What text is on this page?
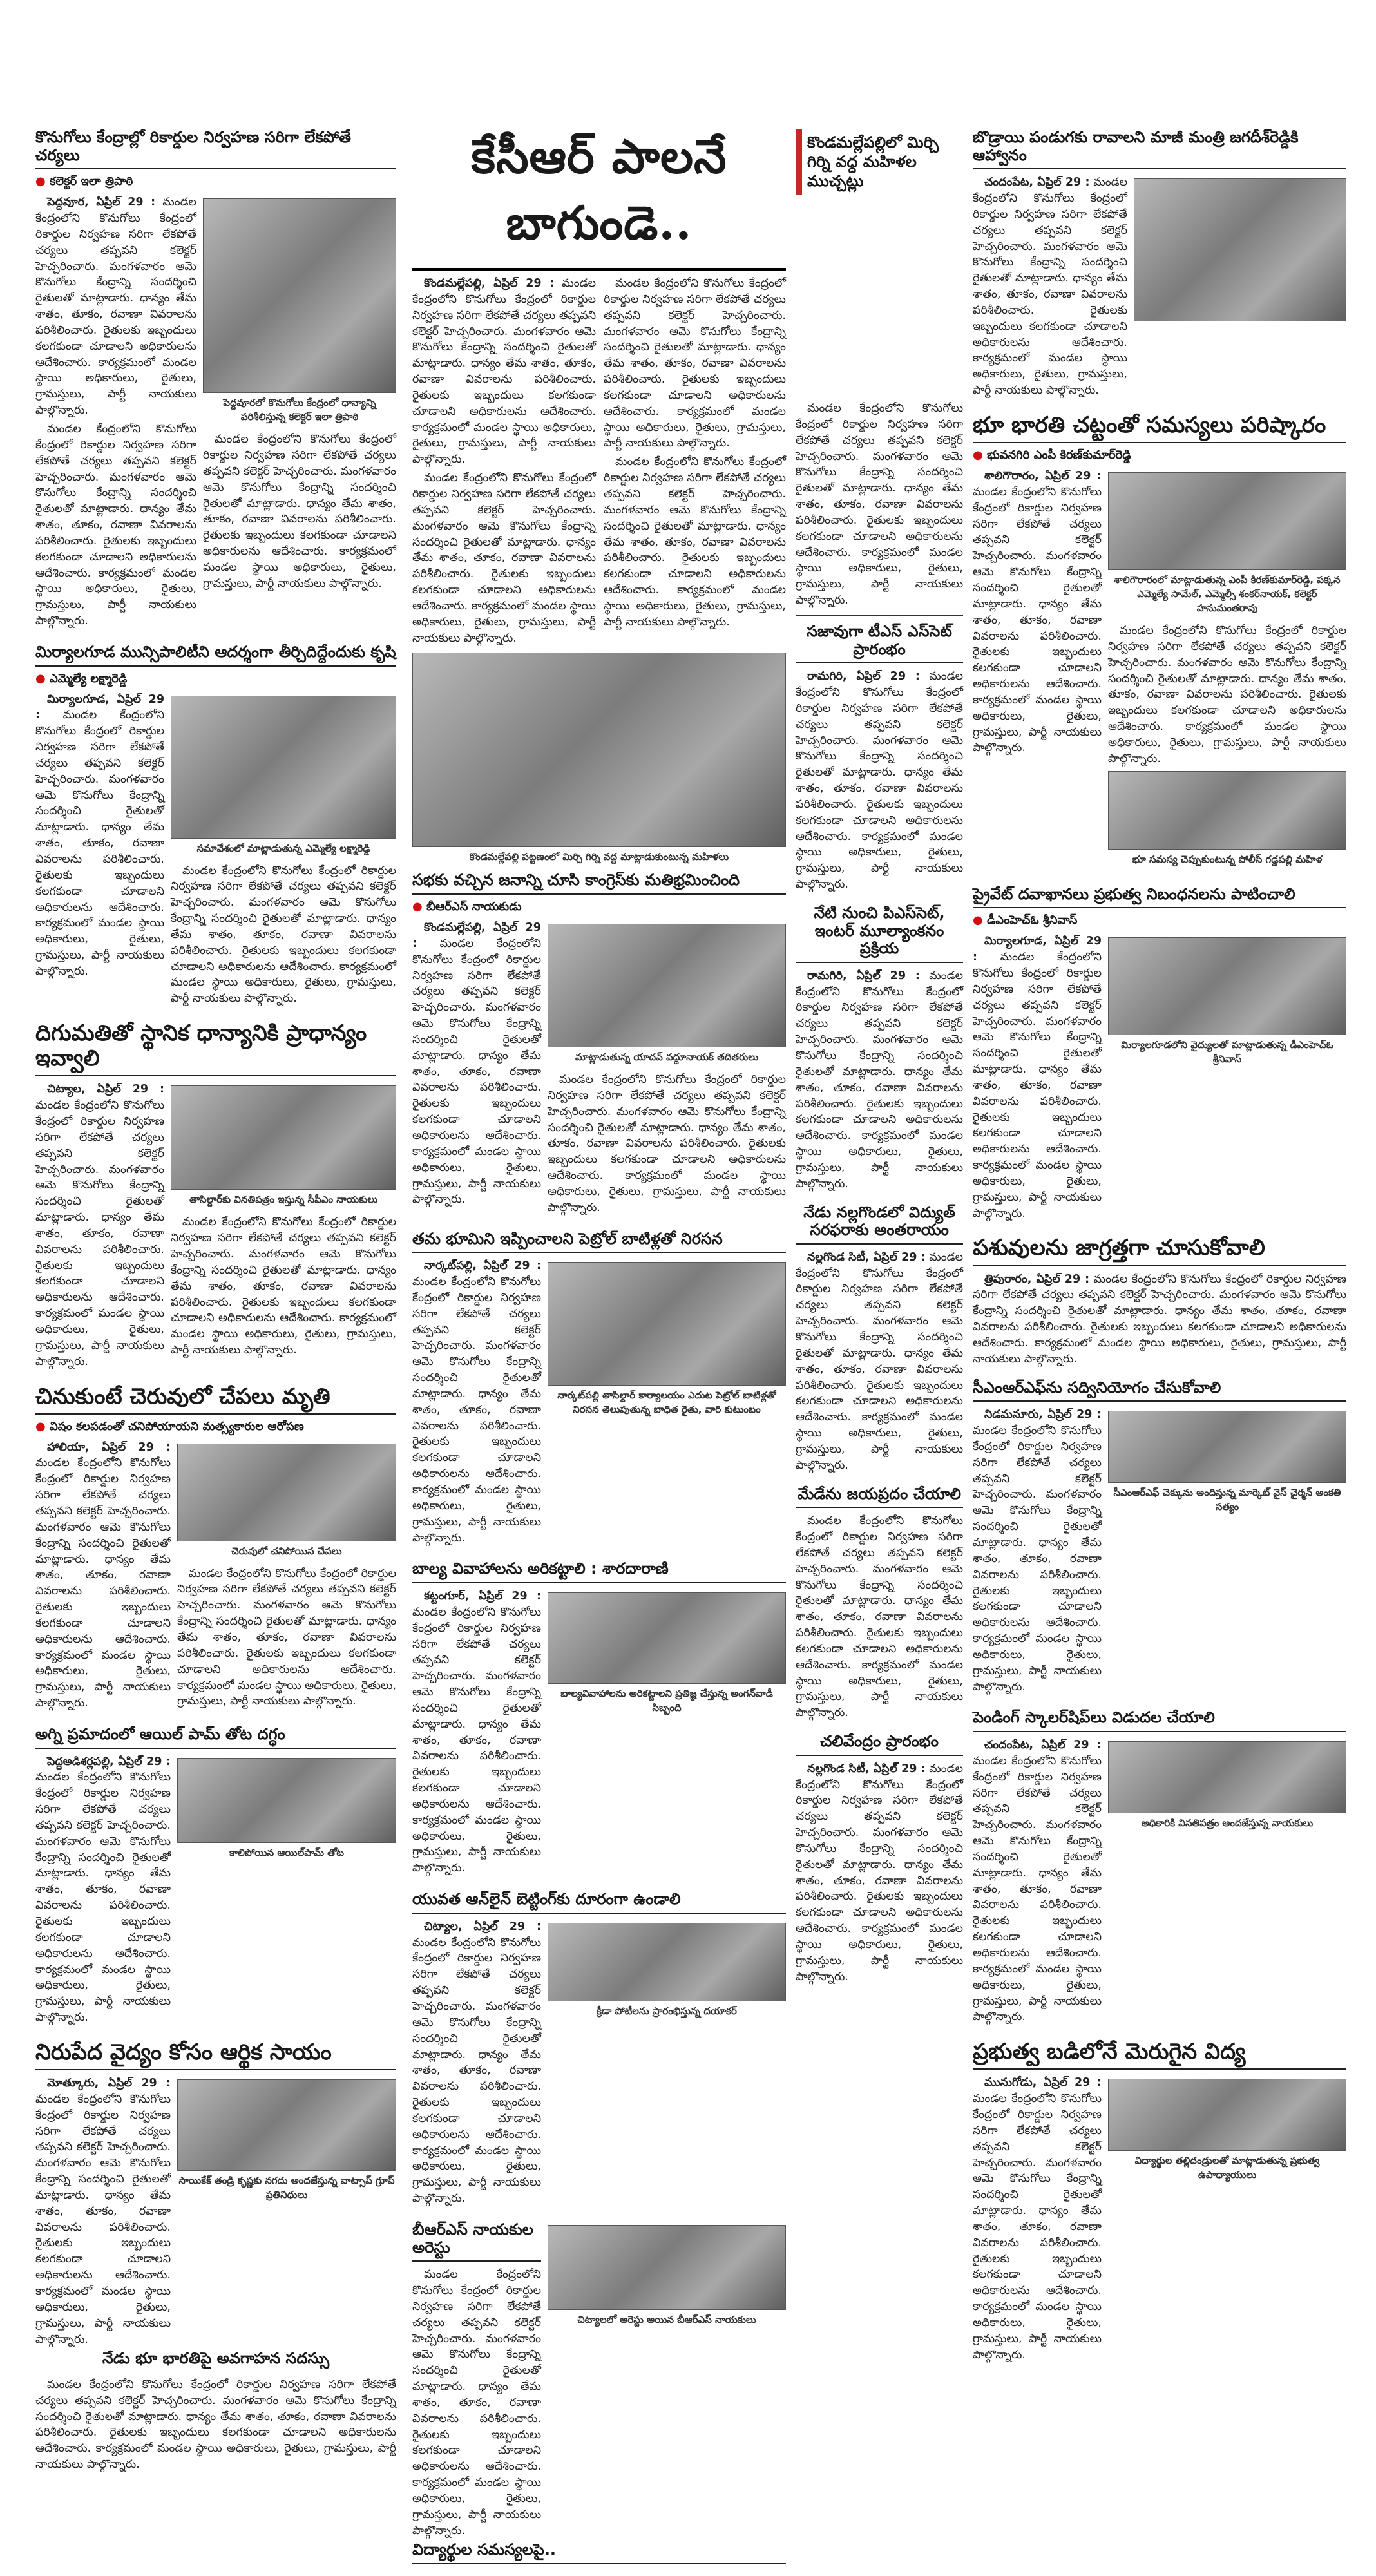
కొనుగోలు కేంద్రాల్లో రికార్డుల నిర్వహణ సరిగా లేకపోతే చర్యలు
● కలెక్టర్ ఇలా త్రిపాఠి

పెద్దవూర, ఏప్రిల్ 29 : మండల కేంద్రంలోని కొనుగోలు కేంద్రంలో రికార్డుల నిర్వహణ సరిగా లేకపోతే చర్యలు తప్పవని కలెక్టర్ హెచ్చరించారు. మంగళవారం ఆమె కొనుగోలు కేంద్రాన్ని సందర్శించి రైతులతో మాట్లాడారు. ధాన్యం తేమ శాతం, తూకం, రవాణా వివరాలను పరిశీలించారు. రైతులకు ఇబ్బందులు కలగకుండా చూడాలని అధికారులను ఆదేశించారు. కార్యక్రమంలో మండల స్థాయి అధికారులు, రైతులు, గ్రామస్తులు, పార్టీ నాయకులు పాల్గొన్నారు.

మండల కేంద్రంలోని కొనుగోలు కేంద్రంలో రికార్డుల నిర్వహణ సరిగా లేకపోతే చర్యలు తప్పవని కలెక్టర్ హెచ్చరించారు. మంగళవారం ఆమె కొనుగోలు కేంద్రాన్ని సందర్శించి రైతులతో మాట్లాడారు. ధాన్యం తేమ శాతం, తూకం, రవాణా వివరాలను పరిశీలించారు. రైతులకు ఇబ్బందులు కలగకుండా చూడాలని అధికారులను ఆదేశించారు. కార్యక్రమంలో మండల స్థాయి అధికారులు, రైతులు, గ్రామస్తులు, పార్టీ నాయకులు పాల్గొన్నారు.

పెద్దవూరలో కొనుగోలు కేంద్రంలో ధాన్యాన్ని పరిశీలిస్తున్న కలెక్టర్ ఇలా త్రిపాఠి

మండల కేంద్రంలోని కొనుగోలు కేంద్రంలో రికార్డుల నిర్వహణ సరిగా లేకపోతే చర్యలు తప్పవని కలెక్టర్ హెచ్చరించారు. మంగళవారం ఆమె కొనుగోలు కేంద్రాన్ని సందర్శించి రైతులతో మాట్లాడారు. ధాన్యం తేమ శాతం, తూకం, రవాణా వివరాలను పరిశీలించారు. రైతులకు ఇబ్బందులు కలగకుండా చూడాలని అధికారులను ఆదేశించారు. కార్యక్రమంలో మండల స్థాయి అధికారులు, రైతులు, గ్రామస్తులు, పార్టీ నాయకులు పాల్గొన్నారు.

మిర్యాలగూడ మున్సిపాలిటీని ఆదర్శంగా తీర్చిదిద్దేందుకు కృషి
● ఎమ్మెల్యే లక్ష్మారెడ్డి

మిర్యాలగూడ, ఏప్రిల్ 29 : మండల కేంద్రంలోని కొనుగోలు కేంద్రంలో రికార్డుల నిర్వహణ సరిగా లేకపోతే చర్యలు తప్పవని కలెక్టర్ హెచ్చరించారు. మంగళవారం ఆమె కొనుగోలు కేంద్రాన్ని సందర్శించి రైతులతో మాట్లాడారు. ధాన్యం తేమ శాతం, తూకం, రవాణా వివరాలను పరిశీలించారు. రైతులకు ఇబ్బందులు కలగకుండా చూడాలని అధికారులను ఆదేశించారు. కార్యక్రమంలో మండల స్థాయి అధికారులు, రైతులు, గ్రామస్తులు, పార్టీ నాయకులు పాల్గొన్నారు.

సమావేశంలో మాట్లాడుతున్న ఎమ్మెల్యే లక్ష్మారెడ్డి

మండల కేంద్రంలోని కొనుగోలు కేంద్రంలో రికార్డుల నిర్వహణ సరిగా లేకపోతే చర్యలు తప్పవని కలెక్టర్ హెచ్చరించారు. మంగళవారం ఆమె కొనుగోలు కేంద్రాన్ని సందర్శించి రైతులతో మాట్లాడారు. ధాన్యం తేమ శాతం, తూకం, రవాణా వివరాలను పరిశీలించారు. రైతులకు ఇబ్బందులు కలగకుండా చూడాలని అధికారులను ఆదేశించారు. కార్యక్రమంలో మండల స్థాయి అధికారులు, రైతులు, గ్రామస్తులు, పార్టీ నాయకులు పాల్గొన్నారు.

దిగుమతితో స్థానిక ధాన్యానికి ప్రాధాన్యం ఇవ్వాలి

చిట్యాల, ఏప్రిల్ 29 : మండల కేంద్రంలోని కొనుగోలు కేంద్రంలో రికార్డుల నిర్వహణ సరిగా లేకపోతే చర్యలు తప్పవని కలెక్టర్ హెచ్చరించారు. మంగళవారం ఆమె కొనుగోలు కేంద్రాన్ని సందర్శించి రైతులతో మాట్లాడారు. ధాన్యం తేమ శాతం, తూకం, రవాణా వివరాలను పరిశీలించారు. రైతులకు ఇబ్బందులు కలగకుండా చూడాలని అధికారులను ఆదేశించారు. కార్యక్రమంలో మండల స్థాయి అధికారులు, రైతులు, గ్రామస్తులు, పార్టీ నాయకులు పాల్గొన్నారు.

తాసిల్దార్‌కు వినతిపత్రం ఇస్తున్న సీపీఎం నాయకులు

మండల కేంద్రంలోని కొనుగోలు కేంద్రంలో రికార్డుల నిర్వహణ సరిగా లేకపోతే చర్యలు తప్పవని కలెక్టర్ హెచ్చరించారు. మంగళవారం ఆమె కొనుగోలు కేంద్రాన్ని సందర్శించి రైతులతో మాట్లాడారు. ధాన్యం తేమ శాతం, తూకం, రవాణా వివరాలను పరిశీలించారు. రైతులకు ఇబ్బందులు కలగకుండా చూడాలని అధికారులను ఆదేశించారు. కార్యక్రమంలో మండల స్థాయి అధికారులు, రైతులు, గ్రామస్తులు, పార్టీ నాయకులు పాల్గొన్నారు.

చినుకుంటే చెరువులో చేపలు మృతి
● విషం కలపడంతో చనిపోయాయని మత్స్యకారుల ఆరోపణ

హాలియా, ఏప్రిల్ 29 : మండల కేంద్రంలోని కొనుగోలు కేంద్రంలో రికార్డుల నిర్వహణ సరిగా లేకపోతే చర్యలు తప్పవని కలెక్టర్ హెచ్చరించారు. మంగళవారం ఆమె కొనుగోలు కేంద్రాన్ని సందర్శించి రైతులతో మాట్లాడారు. ధాన్యం తేమ శాతం, తూకం, రవాణా వివరాలను పరిశీలించారు. రైతులకు ఇబ్బందులు కలగకుండా చూడాలని అధికారులను ఆదేశించారు. కార్యక్రమంలో మండల స్థాయి అధికారులు, రైతులు, గ్రామస్తులు, పార్టీ నాయకులు పాల్గొన్నారు.

చెరువులో చనిపోయిన చేపలు

మండల కేంద్రంలోని కొనుగోలు కేంద్రంలో రికార్డుల నిర్వహణ సరిగా లేకపోతే చర్యలు తప్పవని కలెక్టర్ హెచ్చరించారు. మంగళవారం ఆమె కొనుగోలు కేంద్రాన్ని సందర్శించి రైతులతో మాట్లాడారు. ధాన్యం తేమ శాతం, తూకం, రవాణా వివరాలను పరిశీలించారు. రైతులకు ఇబ్బందులు కలగకుండా చూడాలని అధికారులను ఆదేశించారు. కార్యక్రమంలో మండల స్థాయి అధికారులు, రైతులు, గ్రామస్తులు, పార్టీ నాయకులు పాల్గొన్నారు.

అగ్ని ప్రమాదంలో ఆయిల్ పామ్ తోట దగ్ధం

పెద్దఅడిశర్లపల్లి, ఏప్రిల్ 29 : మండల కేంద్రంలోని కొనుగోలు కేంద్రంలో రికార్డుల నిర్వహణ సరిగా లేకపోతే చర్యలు తప్పవని కలెక్టర్ హెచ్చరించారు. మంగళవారం ఆమె కొనుగోలు కేంద్రాన్ని సందర్శించి రైతులతో మాట్లాడారు. ధాన్యం తేమ శాతం, తూకం, రవాణా వివరాలను పరిశీలించారు. రైతులకు ఇబ్బందులు కలగకుండా చూడాలని అధికారులను ఆదేశించారు. కార్యక్రమంలో మండల స్థాయి అధికారులు, రైతులు, గ్రామస్తులు, పార్టీ నాయకులు పాల్గొన్నారు.

కాలిపోయిన ఆయిల్‌పామ్ తోట
నిరుపేద వైద్యం కోసం ఆర్థిక సాయం

మోత్కూరు, ఏప్రిల్ 29 : మండల కేంద్రంలోని కొనుగోలు కేంద్రంలో రికార్డుల నిర్వహణ సరిగా లేకపోతే చర్యలు తప్పవని కలెక్టర్ హెచ్చరించారు. మంగళవారం ఆమె కొనుగోలు కేంద్రాన్ని సందర్శించి రైతులతో మాట్లాడారు. ధాన్యం తేమ శాతం, తూకం, రవాణా వివరాలను పరిశీలించారు. రైతులకు ఇబ్బందులు కలగకుండా చూడాలని అధికారులను ఆదేశించారు. కార్యక్రమంలో మండల స్థాయి అధికారులు, రైతులు, గ్రామస్తులు, పార్టీ నాయకులు పాల్గొన్నారు.

సాయికేక్ తండ్రి కృష్ణకు నగదు అందజేస్తున్న వాట్సాప్ గ్రూప్ ప్రతినిధులు
నేడు భూ భారతిపై అవగాహన సదస్సు

మండల కేంద్రంలోని కొనుగోలు కేంద్రంలో రికార్డుల నిర్వహణ సరిగా లేకపోతే చర్యలు తప్పవని కలెక్టర్ హెచ్చరించారు. మంగళవారం ఆమె కొనుగోలు కేంద్రాన్ని సందర్శించి రైతులతో మాట్లాడారు. ధాన్యం తేమ శాతం, తూకం, రవాణా వివరాలను పరిశీలించారు. రైతులకు ఇబ్బందులు కలగకుండా చూడాలని అధికారులను ఆదేశించారు. కార్యక్రమంలో మండల స్థాయి అధికారులు, రైతులు, గ్రామస్తులు, పార్టీ నాయకులు పాల్గొన్నారు.

కేసీఆర్ పాలనే బాగుండె..

కొండమల్లేపల్లి, ఏప్రిల్ 29 : మండల కేంద్రంలోని కొనుగోలు కేంద్రంలో రికార్డుల నిర్వహణ సరిగా లేకపోతే చర్యలు తప్పవని కలెక్టర్ హెచ్చరించారు. మంగళవారం ఆమె కొనుగోలు కేంద్రాన్ని సందర్శించి రైతులతో మాట్లాడారు. ధాన్యం తేమ శాతం, తూకం, రవాణా వివరాలను పరిశీలించారు. రైతులకు ఇబ్బందులు కలగకుండా చూడాలని అధికారులను ఆదేశించారు. కార్యక్రమంలో మండల స్థాయి అధికారులు, రైతులు, గ్రామస్తులు, పార్టీ నాయకులు పాల్గొన్నారు.

మండల కేంద్రంలోని కొనుగోలు కేంద్రంలో రికార్డుల నిర్వహణ సరిగా లేకపోతే చర్యలు తప్పవని కలెక్టర్ హెచ్చరించారు. మంగళవారం ఆమె కొనుగోలు కేంద్రాన్ని సందర్శించి రైతులతో మాట్లాడారు. ధాన్యం తేమ శాతం, తూకం, రవాణా వివరాలను పరిశీలించారు. రైతులకు ఇబ్బందులు కలగకుండా చూడాలని అధికారులను ఆదేశించారు. కార్యక్రమంలో మండల స్థాయి అధికారులు, రైతులు, గ్రామస్తులు, పార్టీ నాయకులు పాల్గొన్నారు.

మండల కేంద్రంలోని కొనుగోలు కేంద్రంలో రికార్డుల నిర్వహణ సరిగా లేకపోతే చర్యలు తప్పవని కలెక్టర్ హెచ్చరించారు. మంగళవారం ఆమె కొనుగోలు కేంద్రాన్ని సందర్శించి రైతులతో మాట్లాడారు. ధాన్యం తేమ శాతం, తూకం, రవాణా వివరాలను పరిశీలించారు. రైతులకు ఇబ్బందులు కలగకుండా చూడాలని అధికారులను ఆదేశించారు. కార్యక్రమంలో మండల స్థాయి అధికారులు, రైతులు, గ్రామస్తులు, పార్టీ నాయకులు పాల్గొన్నారు.

మండల కేంద్రంలోని కొనుగోలు కేంద్రంలో రికార్డుల నిర్వహణ సరిగా లేకపోతే చర్యలు తప్పవని కలెక్టర్ హెచ్చరించారు. మంగళవారం ఆమె కొనుగోలు కేంద్రాన్ని సందర్శించి రైతులతో మాట్లాడారు. ధాన్యం తేమ శాతం, తూకం, రవాణా వివరాలను పరిశీలించారు. రైతులకు ఇబ్బందులు కలగకుండా చూడాలని అధికారులను ఆదేశించారు. కార్యక్రమంలో మండల స్థాయి అధికారులు, రైతులు, గ్రామస్తులు, పార్టీ నాయకులు పాల్గొన్నారు.

కొండమల్లేపల్లి పట్టణంలో మిర్చి గిర్ని వద్ద మాట్లాడుకుంటున్న మహిళలు
సభకు వచ్చిన జనాన్ని చూసి కాంగ్రెస్‌కు మతిభ్రమించింది
● బీఆర్ఎస్ నాయకుడు

కొండమల్లేపల్లి, ఏప్రిల్ 29 : మండల కేంద్రంలోని కొనుగోలు కేంద్రంలో రికార్డుల నిర్వహణ సరిగా లేకపోతే చర్యలు తప్పవని కలెక్టర్ హెచ్చరించారు. మంగళవారం ఆమె కొనుగోలు కేంద్రాన్ని సందర్శించి రైతులతో మాట్లాడారు. ధాన్యం తేమ శాతం, తూకం, రవాణా వివరాలను పరిశీలించారు. రైతులకు ఇబ్బందులు కలగకుండా చూడాలని అధికారులను ఆదేశించారు. కార్యక్రమంలో మండల స్థాయి అధికారులు, రైతులు, గ్రామస్తులు, పార్టీ నాయకులు పాల్గొన్నారు.

మాట్లాడుతున్న యాదవ్ వద్దూనాయక్ తదితరులు

మండల కేంద్రంలోని కొనుగోలు కేంద్రంలో రికార్డుల నిర్వహణ సరిగా లేకపోతే చర్యలు తప్పవని కలెక్టర్ హెచ్చరించారు. మంగళవారం ఆమె కొనుగోలు కేంద్రాన్ని సందర్శించి రైతులతో మాట్లాడారు. ధాన్యం తేమ శాతం, తూకం, రవాణా వివరాలను పరిశీలించారు. రైతులకు ఇబ్బందులు కలగకుండా చూడాలని అధికారులను ఆదేశించారు. కార్యక్రమంలో మండల స్థాయి అధికారులు, రైతులు, గ్రామస్తులు, పార్టీ నాయకులు పాల్గొన్నారు.

తమ భూమిని ఇప్పించాలని పెట్రోల్ బాటిళ్లతో నిరసన

నార్కట్‌పల్లి, ఏప్రిల్ 29 : మండల కేంద్రంలోని కొనుగోలు కేంద్రంలో రికార్డుల నిర్వహణ సరిగా లేకపోతే చర్యలు తప్పవని కలెక్టర్ హెచ్చరించారు. మంగళవారం ఆమె కొనుగోలు కేంద్రాన్ని సందర్శించి రైతులతో మాట్లాడారు. ధాన్యం తేమ శాతం, తూకం, రవాణా వివరాలను పరిశీలించారు. రైతులకు ఇబ్బందులు కలగకుండా చూడాలని అధికారులను ఆదేశించారు. కార్యక్రమంలో మండల స్థాయి అధికారులు, రైతులు, గ్రామస్తులు, పార్టీ నాయకులు పాల్గొన్నారు.

నార్కట్‌పల్లి తాసిల్దార్ కార్యాలయం ఎదుట పెట్రోల్ బాటిళ్లతో నిరసన తెలుపుతున్న బాధిత రైతు, వారి కుటుంబం
బాల్య వివాహాలను అరికట్టాలి : శారదారాణి

కట్టంగూర్, ఏప్రిల్ 29 : మండల కేంద్రంలోని కొనుగోలు కేంద్రంలో రికార్డుల నిర్వహణ సరిగా లేకపోతే చర్యలు తప్పవని కలెక్టర్ హెచ్చరించారు. మంగళవారం ఆమె కొనుగోలు కేంద్రాన్ని సందర్శించి రైతులతో మాట్లాడారు. ధాన్యం తేమ శాతం, తూకం, రవాణా వివరాలను పరిశీలించారు. రైతులకు ఇబ్బందులు కలగకుండా చూడాలని అధికారులను ఆదేశించారు. కార్యక్రమంలో మండల స్థాయి అధికారులు, రైతులు, గ్రామస్తులు, పార్టీ నాయకులు పాల్గొన్నారు.

బాల్యవివాహాలను అరికట్టాలని ప్రతిజ్ఞ చేస్తున్న అంగన్‌వాడీ సిబ్బంది
యువత ఆన్‌లైన్ బెట్టింగ్‌కు దూరంగా ఉండాలి

చిట్యాల, ఏప్రిల్ 29 : మండల కేంద్రంలోని కొనుగోలు కేంద్రంలో రికార్డుల నిర్వహణ సరిగా లేకపోతే చర్యలు తప్పవని కలెక్టర్ హెచ్చరించారు. మంగళవారం ఆమె కొనుగోలు కేంద్రాన్ని సందర్శించి రైతులతో మాట్లాడారు. ధాన్యం తేమ శాతం, తూకం, రవాణా వివరాలను పరిశీలించారు. రైతులకు ఇబ్బందులు కలగకుండా చూడాలని అధికారులను ఆదేశించారు. కార్యక్రమంలో మండల స్థాయి అధికారులు, రైతులు, గ్రామస్తులు, పార్టీ నాయకులు పాల్గొన్నారు.

క్రీడా పోటీలను ప్రారంభిస్తున్న దయాకర్
బీఆర్ఎస్ నాయకుల అరెస్టు

మండల కేంద్రంలోని కొనుగోలు కేంద్రంలో రికార్డుల నిర్వహణ సరిగా లేకపోతే చర్యలు తప్పవని కలెక్టర్ హెచ్చరించారు. మంగళవారం ఆమె కొనుగోలు కేంద్రాన్ని సందర్శించి రైతులతో మాట్లాడారు. ధాన్యం తేమ శాతం, తూకం, రవాణా వివరాలను పరిశీలించారు. రైతులకు ఇబ్బందులు కలగకుండా చూడాలని అధికారులను ఆదేశించారు. కార్యక్రమంలో మండల స్థాయి అధికారులు, రైతులు, గ్రామస్తులు, పార్టీ నాయకులు పాల్గొన్నారు.

చిట్యాలలో అరెస్టు అయిన బీఆర్ఎస్ నాయకులు
విద్యార్థుల సమస్యలపై..
కొండమల్లేపల్లిలో మిర్చి గిర్ని వద్ద మహిళల ముచ్చట్లు

మండల కేంద్రంలోని కొనుగోలు కేంద్రంలో రికార్డుల నిర్వహణ సరిగా లేకపోతే చర్యలు తప్పవని కలెక్టర్ హెచ్చరించారు. మంగళవారం ఆమె కొనుగోలు కేంద్రాన్ని సందర్శించి రైతులతో మాట్లాడారు. ధాన్యం తేమ శాతం, తూకం, రవాణా వివరాలను పరిశీలించారు. రైతులకు ఇబ్బందులు కలగకుండా చూడాలని అధికారులను ఆదేశించారు. కార్యక్రమంలో మండల స్థాయి అధికారులు, రైతులు, గ్రామస్తులు, పార్టీ నాయకులు పాల్గొన్నారు.

సజావుగా టీఎస్ ఎస్‌సెట్ ప్రారంభం

రామగిరి, ఏప్రిల్ 29 : మండల కేంద్రంలోని కొనుగోలు కేంద్రంలో రికార్డుల నిర్వహణ సరిగా లేకపోతే చర్యలు తప్పవని కలెక్టర్ హెచ్చరించారు. మంగళవారం ఆమె కొనుగోలు కేంద్రాన్ని సందర్శించి రైతులతో మాట్లాడారు. ధాన్యం తేమ శాతం, తూకం, రవాణా వివరాలను పరిశీలించారు. రైతులకు ఇబ్బందులు కలగకుండా చూడాలని అధికారులను ఆదేశించారు. కార్యక్రమంలో మండల స్థాయి అధికారులు, రైతులు, గ్రామస్తులు, పార్టీ నాయకులు పాల్గొన్నారు.

నేటి నుంచి పిఎస్‌సెట్, ఇంటర్ మూల్యాంకనం ప్రక్రియ

రామగిరి, ఏప్రిల్ 29 : మండల కేంద్రంలోని కొనుగోలు కేంద్రంలో రికార్డుల నిర్వహణ సరిగా లేకపోతే చర్యలు తప్పవని కలెక్టర్ హెచ్చరించారు. మంగళవారం ఆమె కొనుగోలు కేంద్రాన్ని సందర్శించి రైతులతో మాట్లాడారు. ధాన్యం తేమ శాతం, తూకం, రవాణా వివరాలను పరిశీలించారు. రైతులకు ఇబ్బందులు కలగకుండా చూడాలని అధికారులను ఆదేశించారు. కార్యక్రమంలో మండల స్థాయి అధికారులు, రైతులు, గ్రామస్తులు, పార్టీ నాయకులు పాల్గొన్నారు.

నేడు నల్లగొండలో విద్యుత్ సరఫరాకు అంతరాయం

నల్లగొండ సిటీ, ఏప్రిల్ 29 : మండల కేంద్రంలోని కొనుగోలు కేంద్రంలో రికార్డుల నిర్వహణ సరిగా లేకపోతే చర్యలు తప్పవని కలెక్టర్ హెచ్చరించారు. మంగళవారం ఆమె కొనుగోలు కేంద్రాన్ని సందర్శించి రైతులతో మాట్లాడారు. ధాన్యం తేమ శాతం, తూకం, రవాణా వివరాలను పరిశీలించారు. రైతులకు ఇబ్బందులు కలగకుండా చూడాలని అధికారులను ఆదేశించారు. కార్యక్రమంలో మండల స్థాయి అధికారులు, రైతులు, గ్రామస్తులు, పార్టీ నాయకులు పాల్గొన్నారు.

మేడేను జయప్రదం చేయాలి

మండల కేంద్రంలోని కొనుగోలు కేంద్రంలో రికార్డుల నిర్వహణ సరిగా లేకపోతే చర్యలు తప్పవని కలెక్టర్ హెచ్చరించారు. మంగళవారం ఆమె కొనుగోలు కేంద్రాన్ని సందర్శించి రైతులతో మాట్లాడారు. ధాన్యం తేమ శాతం, తూకం, రవాణా వివరాలను పరిశీలించారు. రైతులకు ఇబ్బందులు కలగకుండా చూడాలని అధికారులను ఆదేశించారు. కార్యక్రమంలో మండల స్థాయి అధికారులు, రైతులు, గ్రామస్తులు, పార్టీ నాయకులు పాల్గొన్నారు.

చలివేంద్రం ప్రారంభం

నల్లగొండ సిటీ, ఏప్రిల్ 29 : మండల కేంద్రంలోని కొనుగోలు కేంద్రంలో రికార్డుల నిర్వహణ సరిగా లేకపోతే చర్యలు తప్పవని కలెక్టర్ హెచ్చరించారు. మంగళవారం ఆమె కొనుగోలు కేంద్రాన్ని సందర్శించి రైతులతో మాట్లాడారు. ధాన్యం తేమ శాతం, తూకం, రవాణా వివరాలను పరిశీలించారు. రైతులకు ఇబ్బందులు కలగకుండా చూడాలని అధికారులను ఆదేశించారు. కార్యక్రమంలో మండల స్థాయి అధికారులు, రైతులు, గ్రామస్తులు, పార్టీ నాయకులు పాల్గొన్నారు.

బొడ్రాయి పండుగకు రావాలని మాజీ మంత్రి జగదీశ్‌రెడ్డికి ఆహ్వానం

చందంపేట, ఏప్రిల్ 29 : మండల కేంద్రంలోని కొనుగోలు కేంద్రంలో రికార్డుల నిర్వహణ సరిగా లేకపోతే చర్యలు తప్పవని కలెక్టర్ హెచ్చరించారు. మంగళవారం ఆమె కొనుగోలు కేంద్రాన్ని సందర్శించి రైతులతో మాట్లాడారు. ధాన్యం తేమ శాతం, తూకం, రవాణా వివరాలను పరిశీలించారు. రైతులకు ఇబ్బందులు కలగకుండా చూడాలని అధికారులను ఆదేశించారు. కార్యక్రమంలో మండల స్థాయి అధికారులు, రైతులు, గ్రామస్తులు, పార్టీ నాయకులు పాల్గొన్నారు.

భూ భారతి చట్టంతో సమస్యలు పరిష్కారం
● భువనగిరి ఎంపీ కిరణ్‌కుమార్‌రెడ్డి

శాలిగౌరారం, ఏప్రిల్ 29 : మండల కేంద్రంలోని కొనుగోలు కేంద్రంలో రికార్డుల నిర్వహణ సరిగా లేకపోతే చర్యలు తప్పవని కలెక్టర్ హెచ్చరించారు. మంగళవారం ఆమె కొనుగోలు కేంద్రాన్ని సందర్శించి రైతులతో మాట్లాడారు. ధాన్యం తేమ శాతం, తూకం, రవాణా వివరాలను పరిశీలించారు. రైతులకు ఇబ్బందులు కలగకుండా చూడాలని అధికారులను ఆదేశించారు. కార్యక్రమంలో మండల స్థాయి అధికారులు, రైతులు, గ్రామస్తులు, పార్టీ నాయకులు పాల్గొన్నారు.

శాలిగౌరారంలో మాట్లాడుతున్న ఎంపీ కిరణ్‌కుమార్‌రెడ్డి, పక్కన ఎమ్మెల్యే సామేల్, ఎమ్మెల్సీ శంకర్‌నాయక్, కలెక్టర్ హనుమంతరావు

మండల కేంద్రంలోని కొనుగోలు కేంద్రంలో రికార్డుల నిర్వహణ సరిగా లేకపోతే చర్యలు తప్పవని కలెక్టర్ హెచ్చరించారు. మంగళవారం ఆమె కొనుగోలు కేంద్రాన్ని సందర్శించి రైతులతో మాట్లాడారు. ధాన్యం తేమ శాతం, తూకం, రవాణా వివరాలను పరిశీలించారు. రైతులకు ఇబ్బందులు కలగకుండా చూడాలని అధికారులను ఆదేశించారు. కార్యక్రమంలో మండల స్థాయి అధికారులు, రైతులు, గ్రామస్తులు, పార్టీ నాయకులు పాల్గొన్నారు.

భూ సమస్య చెప్పుకుంటున్న పోలీస్ గడ్డపల్లి మహిళ
ప్రైవేట్ దవాఖానలు ప్రభుత్వ నిబంధనలను పాటించాలి
● డీఎంహెచ్‌ఓ శ్రీనివాస్

మిర్యాలగూడ, ఏప్రిల్ 29 : మండల కేంద్రంలోని కొనుగోలు కేంద్రంలో రికార్డుల నిర్వహణ సరిగా లేకపోతే చర్యలు తప్పవని కలెక్టర్ హెచ్చరించారు. మంగళవారం ఆమె కొనుగోలు కేంద్రాన్ని సందర్శించి రైతులతో మాట్లాడారు. ధాన్యం తేమ శాతం, తూకం, రవాణా వివరాలను పరిశీలించారు. రైతులకు ఇబ్బందులు కలగకుండా చూడాలని అధికారులను ఆదేశించారు. కార్యక్రమంలో మండల స్థాయి అధికారులు, రైతులు, గ్రామస్తులు, పార్టీ నాయకులు పాల్గొన్నారు.

మిర్యాలగూడలోని వైద్యులతో మాట్లాడుతున్న డీఎంహెచ్‌ఓ శ్రీనివాస్
పశువులను జాగ్రత్తగా చూసుకోవాలి

త్రిపురారం, ఏప్రిల్ 29 : మండల కేంద్రంలోని కొనుగోలు కేంద్రంలో రికార్డుల నిర్వహణ సరిగా లేకపోతే చర్యలు తప్పవని కలెక్టర్ హెచ్చరించారు. మంగళవారం ఆమె కొనుగోలు కేంద్రాన్ని సందర్శించి రైతులతో మాట్లాడారు. ధాన్యం తేమ శాతం, తూకం, రవాణా వివరాలను పరిశీలించారు. రైతులకు ఇబ్బందులు కలగకుండా చూడాలని అధికారులను ఆదేశించారు. కార్యక్రమంలో మండల స్థాయి అధికారులు, రైతులు, గ్రామస్తులు, పార్టీ నాయకులు పాల్గొన్నారు.

సీఎంఆర్‌ఎఫ్‌ను సద్వినియోగం చేసుకోవాలి

నిడమనూరు, ఏప్రిల్ 29 : మండల కేంద్రంలోని కొనుగోలు కేంద్రంలో రికార్డుల నిర్వహణ సరిగా లేకపోతే చర్యలు తప్పవని కలెక్టర్ హెచ్చరించారు. మంగళవారం ఆమె కొనుగోలు కేంద్రాన్ని సందర్శించి రైతులతో మాట్లాడారు. ధాన్యం తేమ శాతం, తూకం, రవాణా వివరాలను పరిశీలించారు. రైతులకు ఇబ్బందులు కలగకుండా చూడాలని అధికారులను ఆదేశించారు. కార్యక్రమంలో మండల స్థాయి అధికారులు, రైతులు, గ్రామస్తులు, పార్టీ నాయకులు పాల్గొన్నారు.

సీఎంఆర్ఎఫ్ చెక్కును అందిస్తున్న మార్కెట్ వైస్ చైర్మన్ అంకతి సత్యం
పెండింగ్ స్కాలర్‌షిప్‌లు విడుదల చేయాలి

చందంపేట, ఏప్రిల్ 29 : మండల కేంద్రంలోని కొనుగోలు కేంద్రంలో రికార్డుల నిర్వహణ సరిగా లేకపోతే చర్యలు తప్పవని కలెక్టర్ హెచ్చరించారు. మంగళవారం ఆమె కొనుగోలు కేంద్రాన్ని సందర్శించి రైతులతో మాట్లాడారు. ధాన్యం తేమ శాతం, తూకం, రవాణా వివరాలను పరిశీలించారు. రైతులకు ఇబ్బందులు కలగకుండా చూడాలని అధికారులను ఆదేశించారు. కార్యక్రమంలో మండల స్థాయి అధికారులు, రైతులు, గ్రామస్తులు, పార్టీ నాయకులు పాల్గొన్నారు.

అధికారికి వినతిపత్రం అందజేస్తున్న నాయకులు
ప్రభుత్వ బడిలోనే మెరుగైన విద్య

మునుగోడు, ఏప్రిల్ 29 : మండల కేంద్రంలోని కొనుగోలు కేంద్రంలో రికార్డుల నిర్వహణ సరిగా లేకపోతే చర్యలు తప్పవని కలెక్టర్ హెచ్చరించారు. మంగళవారం ఆమె కొనుగోలు కేంద్రాన్ని సందర్శించి రైతులతో మాట్లాడారు. ధాన్యం తేమ శాతం, తూకం, రవాణా వివరాలను పరిశీలించారు. రైతులకు ఇబ్బందులు కలగకుండా చూడాలని అధికారులను ఆదేశించారు. కార్యక్రమంలో మండల స్థాయి అధికారులు, రైతులు, గ్రామస్తులు, పార్టీ నాయకులు పాల్గొన్నారు.

విద్యార్థుల తల్లిదండ్రులతో మాట్లాడుతున్న ప్రభుత్వ ఉపాధ్యాయులు
